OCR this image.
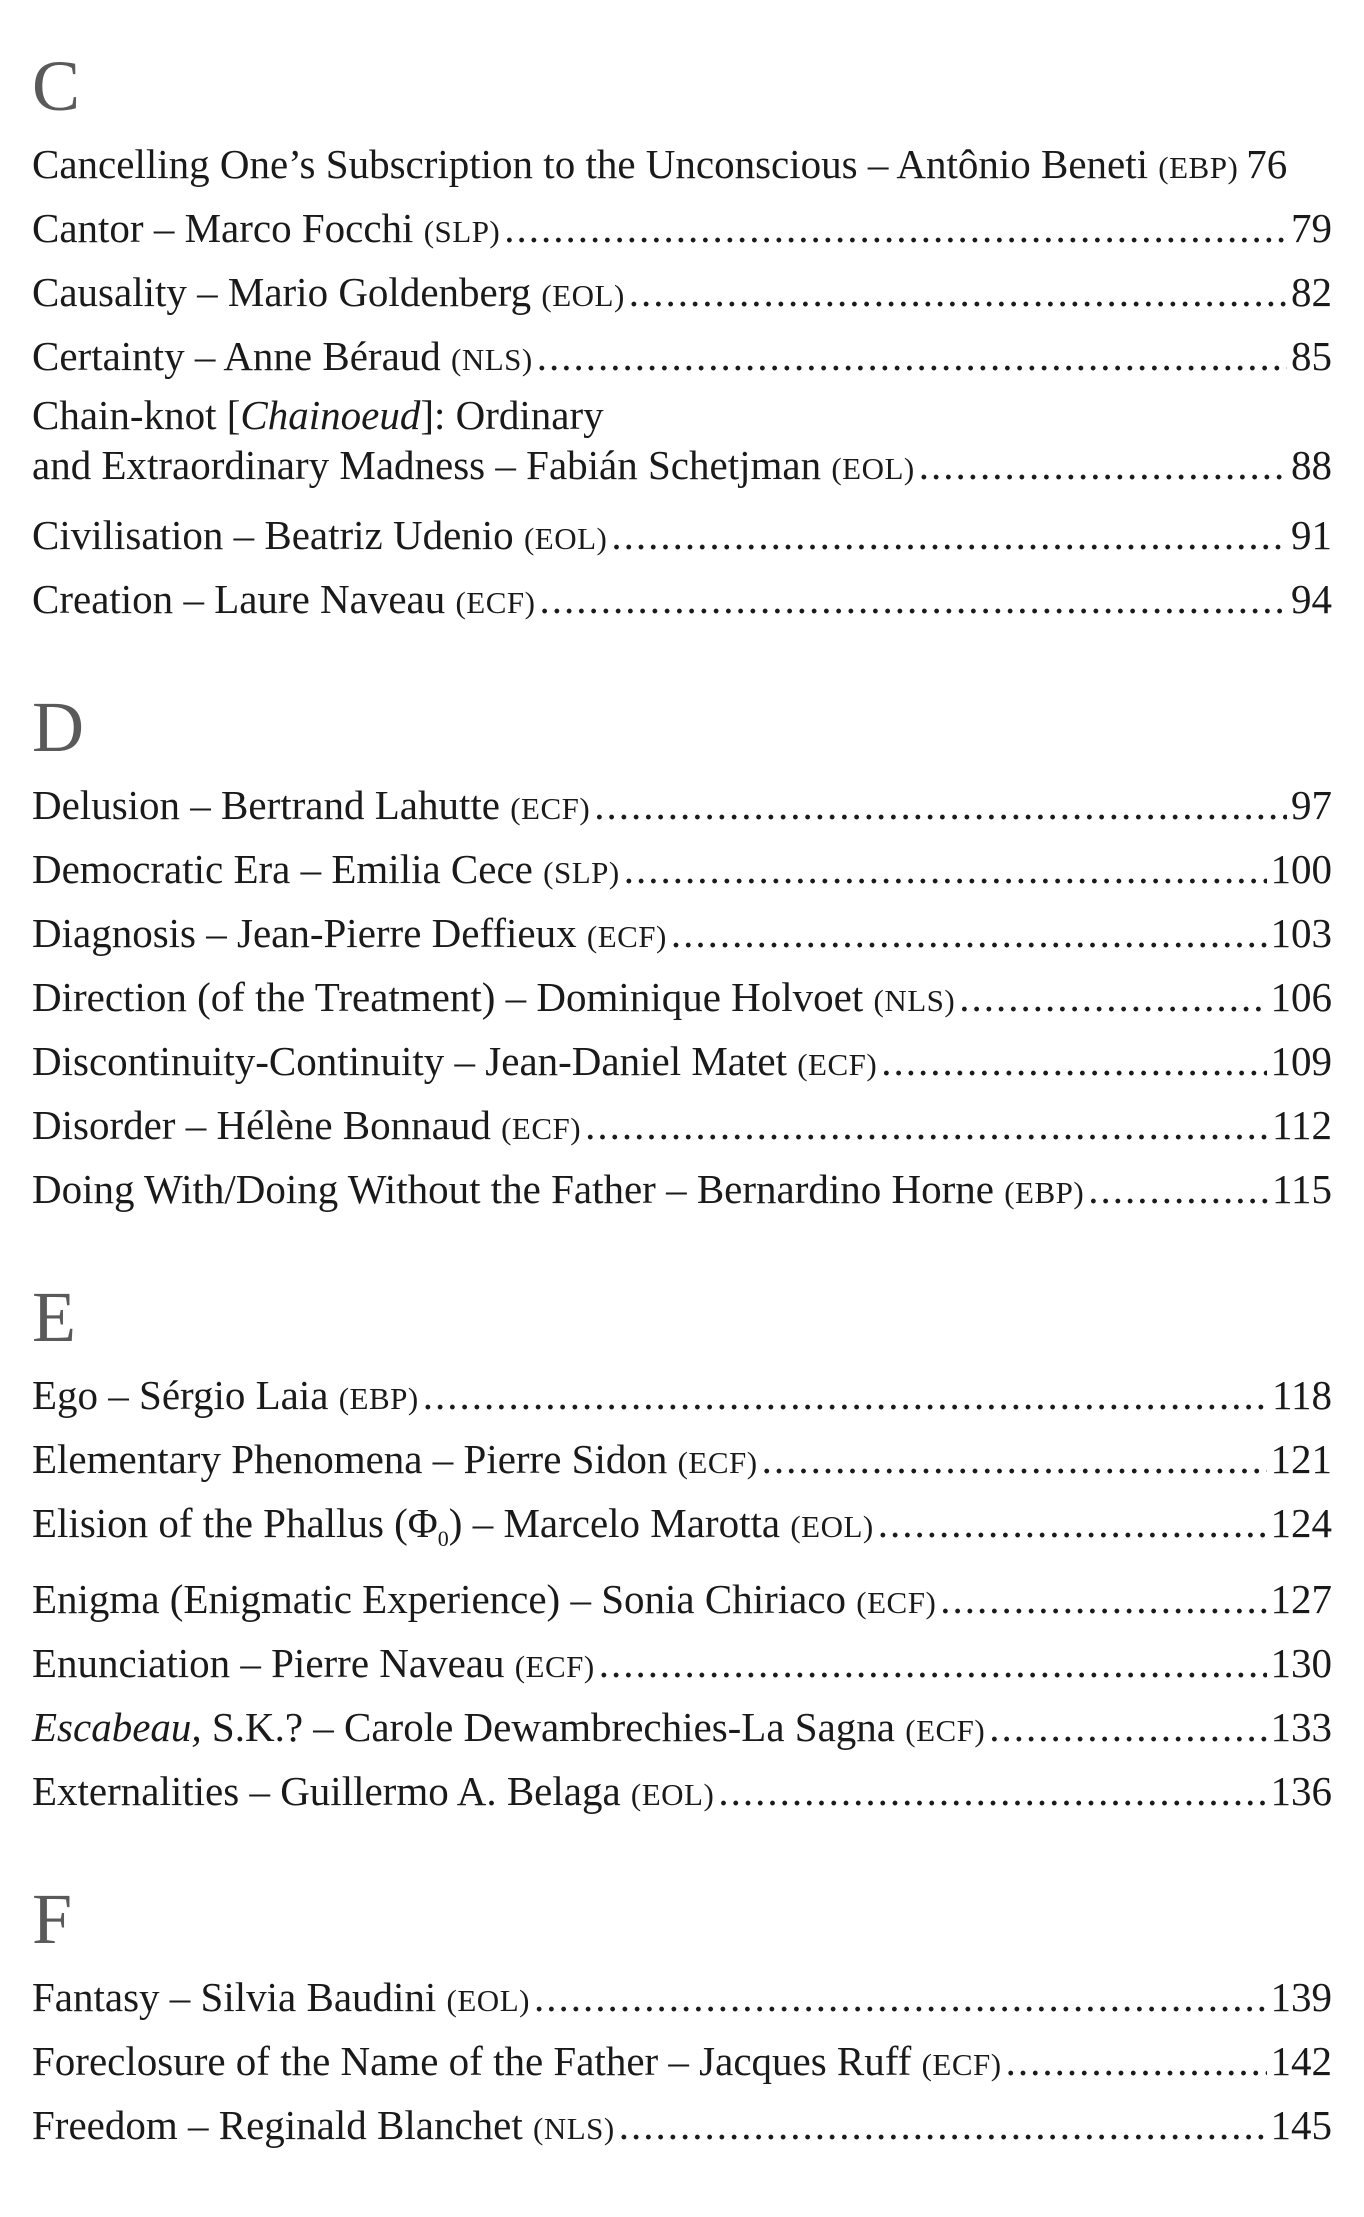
C
Cancelling One’s Subscription to the Unconscious – Antônio Beneti (EBP) 76
Cantor – Marco Focchi (SLP) .....	79
Causality – Mario Goldenberg (EOL) .....	82
Certainty – Anne Béraud (NLS) .....	85
Chain-knot [Chainoeud]: Ordinary
and Extraordinary Madness – Fabián Schetjman (EOL) .....	88
Civilisation – Beatriz Udenio (EOL) .....	91
Creation – Laure Naveau (ECF) .....	94
D
Delusion – Bertrand Lahutte (ECF) .....	97
Democratic Era – Emilia Cece (SLP) .....	100
Diagnosis – Jean-Pierre Deffieux (ECF) .....	103
Direction (of the Treatment) – Dominique Holvoet (NLS) .....	106
Discontinuity-Continuity – Jean-Daniel Matet (ECF) .....	109
Disorder – Hélène Bonnaud (ECF) .....	112
Doing With/Doing Without the Father – Bernardino Horne (EBP) .....	115
E
Ego – Sérgio Laia (EBP) .....	118
Elementary Phenomena – Pierre Sidon (ECF) .....	121
Elision of the Phallus $(\Phi_0)$ – Marcelo Marotta (EOL) .....	124
Enigma (Enigmatic Experience) – Sonia Chiriaco (ECF) .....	127
Enunciation – Pierre Naveau (ECF) .....	130
Escabeau, S.K.? – Carole Dewambrechies-La Sagna (ECF) .....	133
Externalities – Guillermo A. Belaga (EOL) .....	136
F
Fantasy – Silvia Baudini (EOL) .....	139
Foreclosure of the Name of the Father – Jacques Ruff (ECF) .....	142
Freedom – Reginald Blanchet (NLS) .....	145
